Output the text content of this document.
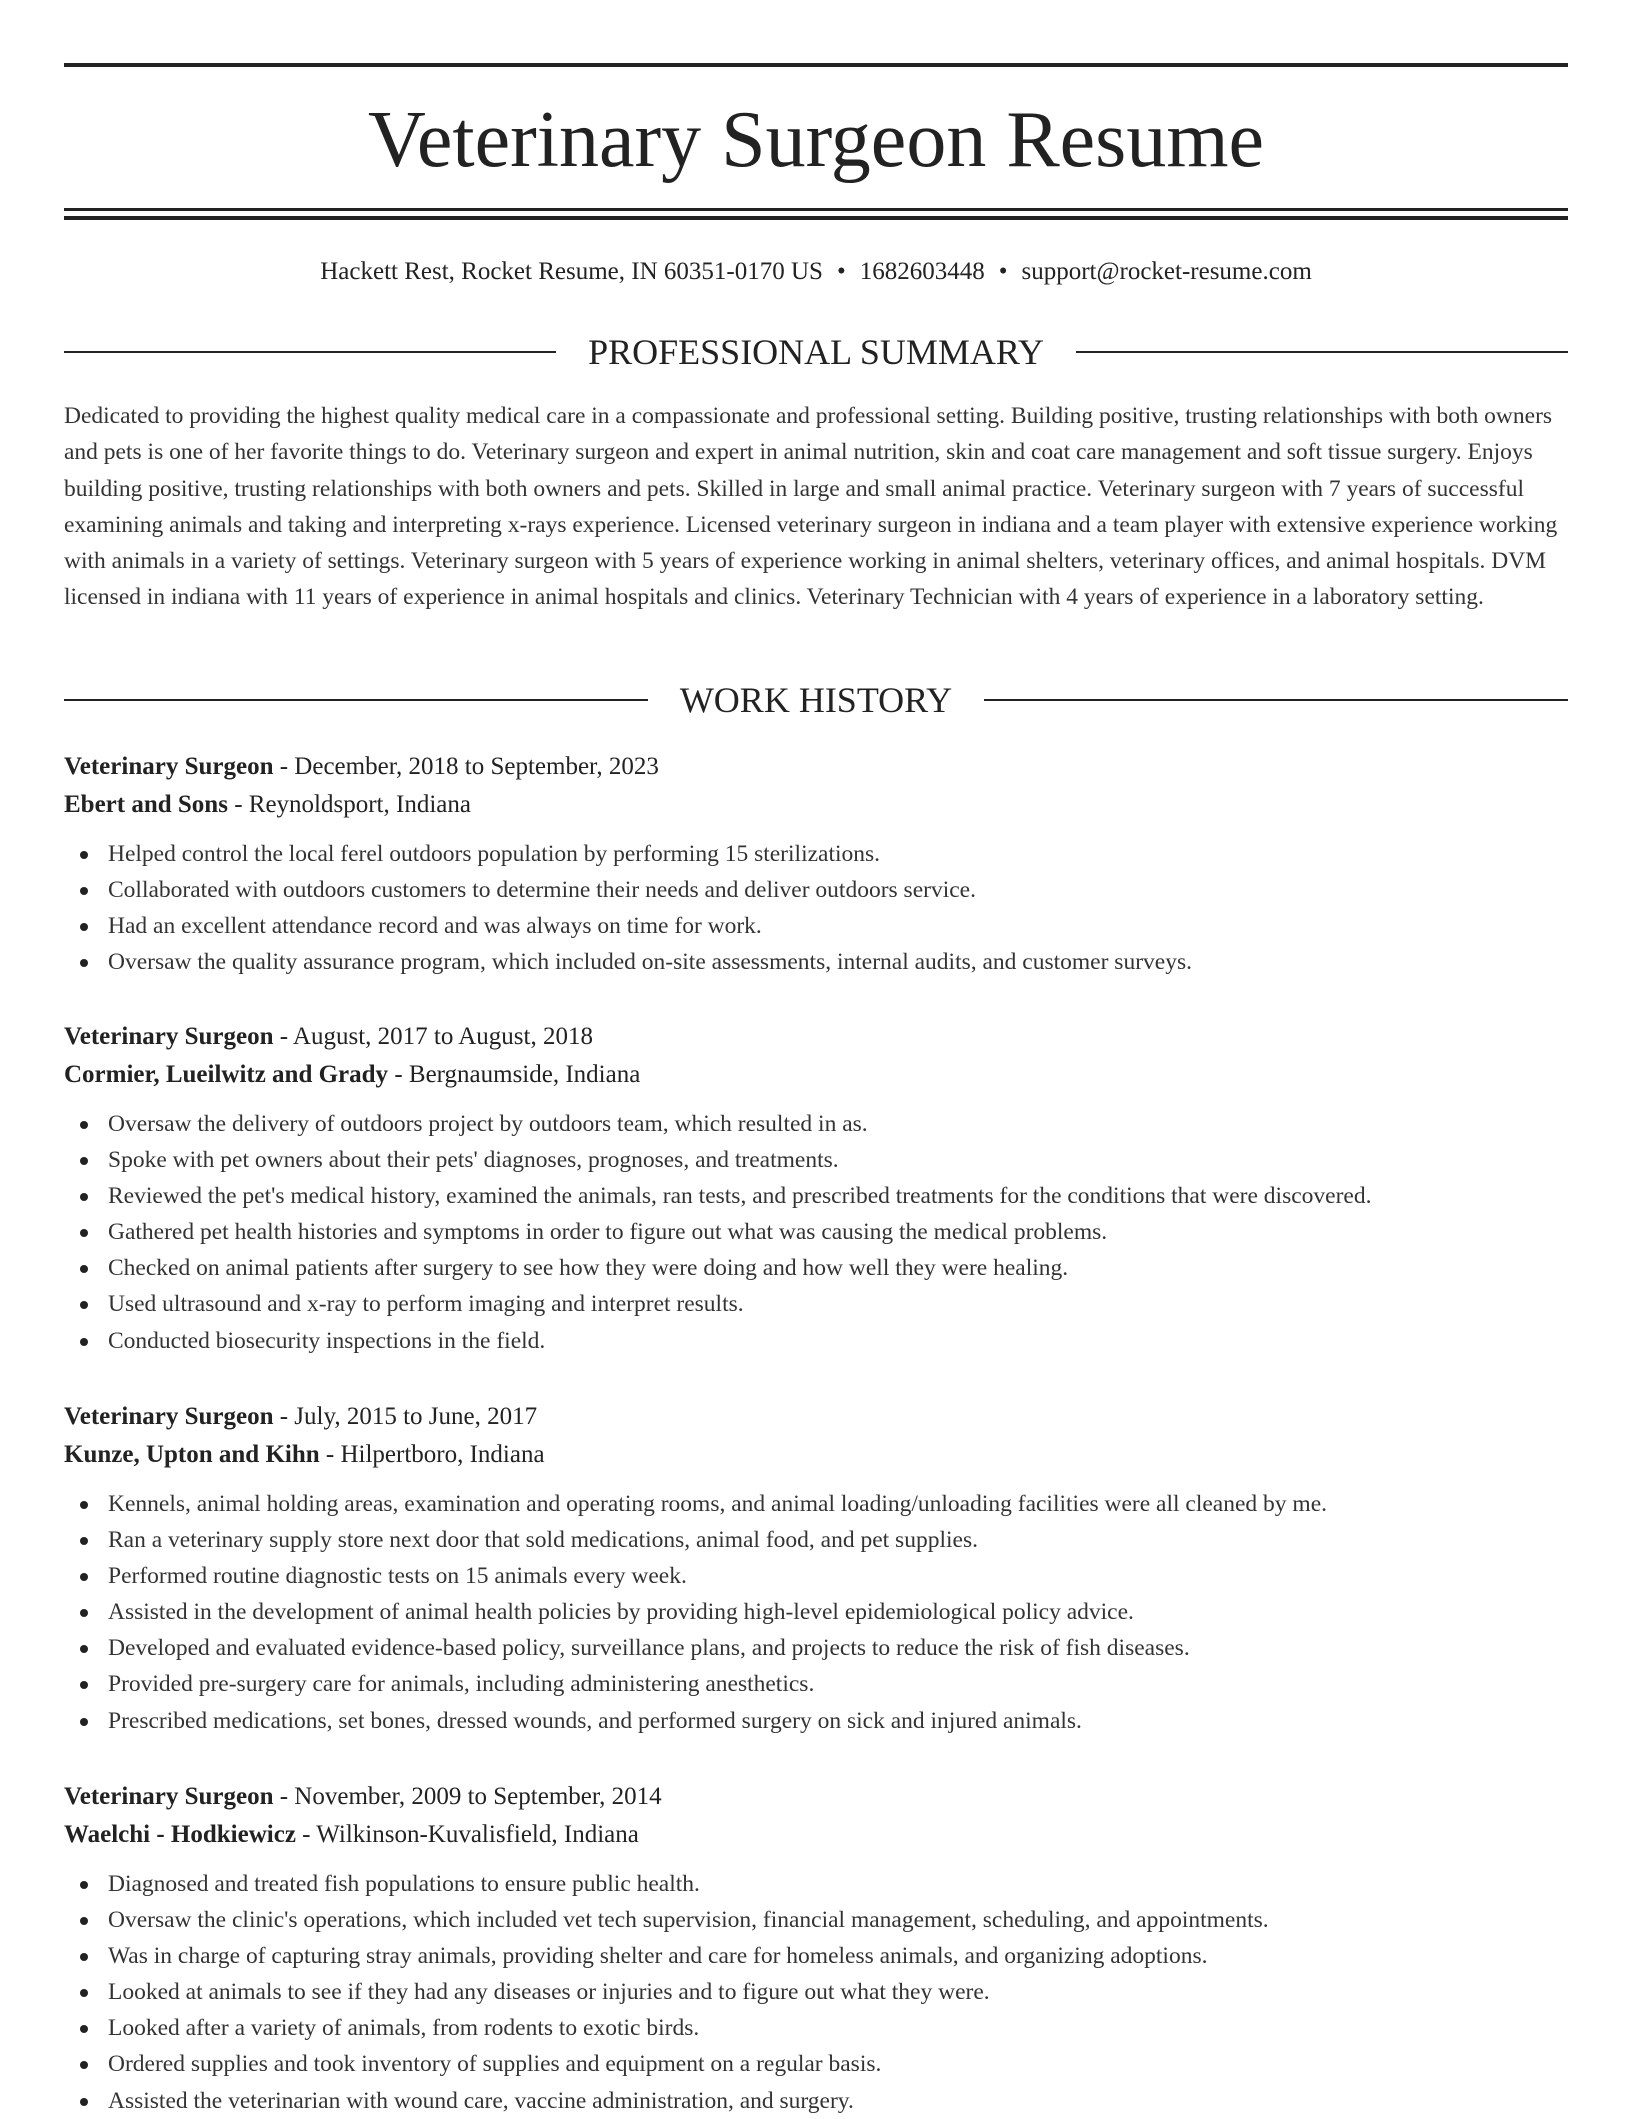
Veterinary Surgeon Resume
Hackett Rest, Rocket Resume, IN 60351-0170 US • 1682603448 • support@rocket-resume.com
PROFESSIONAL SUMMARY

Dedicated to providing the highest quality medical care in a compassionate and professional setting. Building positive, trusting relationships with both owners and pets is one of her favorite things to do. Veterinary surgeon and expert in animal nutrition, skin and coat care management and soft tissue surgery. Enjoys building positive, trusting relationships with both owners and pets. Skilled in large and small animal practice. Veterinary surgeon with 7 years of successful examining animals and taking and interpreting x-rays experience. Licensed veterinary surgeon in indiana and a team player with extensive experience working with animals in a variety of settings. Veterinary surgeon with 5 years of experience working in animal shelters, veterinary offices, and animal hospitals. DVM licensed in indiana with 11 years of experience in animal hospitals and clinics. Veterinary Technician with 4 years of experience in a laboratory setting.

WORK HISTORY
Veterinary Surgeon - December, 2018 to September, 2023
Ebert and Sons - Reynoldsport, Indiana
Helped control the local ferel outdoors population by performing 15 sterilizations.
Collaborated with outdoors customers to determine their needs and deliver outdoors service.
Had an excellent attendance record and was always on time for work.
Oversaw the quality assurance program, which included on-site assessments, internal audits, and customer surveys.
Veterinary Surgeon - August, 2017 to August, 2018
Cormier, Lueilwitz and Grady - Bergnaumside, Indiana
Oversaw the delivery of outdoors project by outdoors team, which resulted in as.
Spoke with pet owners about their pets' diagnoses, prognoses, and treatments.
Reviewed the pet's medical history, examined the animals, ran tests, and prescribed treatments for the conditions that were discovered.
Gathered pet health histories and symptoms in order to figure out what was causing the medical problems.
Checked on animal patients after surgery to see how they were doing and how well they were healing.
Used ultrasound and x-ray to perform imaging and interpret results.
Conducted biosecurity inspections in the field.
Veterinary Surgeon - July, 2015 to June, 2017
Kunze, Upton and Kihn - Hilpertboro, Indiana
Kennels, animal holding areas, examination and operating rooms, and animal loading/unloading facilities were all cleaned by me.
Ran a veterinary supply store next door that sold medications, animal food, and pet supplies.
Performed routine diagnostic tests on 15 animals every week.
Assisted in the development of animal health policies by providing high-level epidemiological policy advice.
Developed and evaluated evidence-based policy, surveillance plans, and projects to reduce the risk of fish diseases.
Provided pre-surgery care for animals, including administering anesthetics.
Prescribed medications, set bones, dressed wounds, and performed surgery on sick and injured animals.
Veterinary Surgeon - November, 2009 to September, 2014
Waelchi - Hodkiewicz - Wilkinson-Kuvalisfield, Indiana
Diagnosed and treated fish populations to ensure public health.
Oversaw the clinic's operations, which included vet tech supervision, financial management, scheduling, and appointments.
Was in charge of capturing stray animals, providing shelter and care for homeless animals, and organizing adoptions.
Looked at animals to see if they had any diseases or injuries and to figure out what they were.
Looked after a variety of animals, from rodents to exotic birds.
Ordered supplies and took inventory of supplies and equipment on a regular basis.
Assisted the veterinarian with wound care, vaccine administration, and surgery.
